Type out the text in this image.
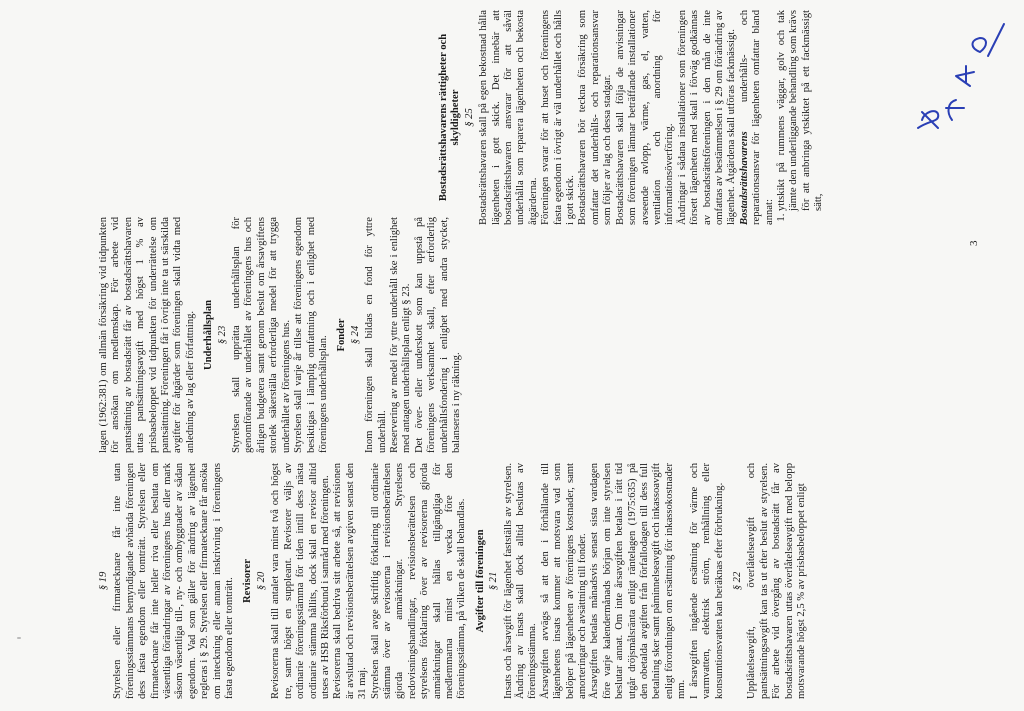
§ 19 Styrelsen eller firmatecknare får inte utan föreningsstämmans bemyndigande avhända föreningen dess fasta egendom eller tomträtt. Styrelsen eller firmatecknare får inte heller riva eller besluta om väsentliga förändringar av föreningens hus eller mark såsom väsentliga till-, ny- och ombyggnader av sådan egendom. Vad som gäller för ändring av lägenhet regleras i § 29. Styrelsen eller firmatecknare får ansöka om inteckning eller annan inskrivning i föreningens fasta egendom eller tomträtt. Revisorer § 20 Revisorerna skall till antalet vara minst två och högst tre, samt högst en suppleant. Revisorer väljs av ordinarie föreningsstämma för tiden intill dess nästa ordinarie stämma hållits, dock skall en revisor alltid utses av HSB Riksförbund i samråd med föreningen. Revisorerna skall bedriva sitt arbete så, att revisionen är avslutad och revisionsberättelsen avgiven senast den 31 maj. Styrelsen skall avge skriftlig förklaring till ordinarie stämma över av revisorerna i revisionsberättelsen gjorda anmärkningar. Styrelsens redovisningshandlingar, revisionsberättelsen och styrelsens förklaring över av revisorerna gjorda anmärkningar skall hållas tillgängliga för medlemmarna minst en vecka före den föreningsstämma, på vilken de skall behandlas. Avgifter till föreningen § 21 Insats och årsavgift för lägenhet fastställs av styrelsen. Ändring av insats skall dock alltid beslutas av föreningsstämma. Årsavgiften avvägs så att den i förhållande till lägenhetens insats kommer att motsvara vad som belöper på lägenheten av föreningens kostnader, samt amorteringar och avsättning till fonder. Årsavgiften betalas månadsvis senast sista vardagen före varje kalendermånads början om inte styrelsen beslutar annat. Om inte årsavgiften betalas i rätt tid utgår dröjsmålsränta enligt räntelagen (1975:635) på den obetalda avgiften från förfallodagen till dess full betalning sker samt påminnelseavgift och inkassoavgift enligt förordningen om ersättning för inkassokostnader mm. I årsavgiften ingående ersättning för värme och varmvatten, elektrisk ström, renhållning eller konsumtionsvatten kan beräknas efter förbrukning. § 22 Upplåtelseavgift, överlåtelseavgift och pantsättningsavgift kan tas ut efter beslut av styrelsen. För arbete vid övergång av bostadsrätt får av bostadsrättshavaren uttas överlåtelseavgift med belopp motsvarande högst 2,5 % av prisbasbeloppet enligt

lagen (1962:381) om allmän försäkring vid tidpunkten för ansökan om medlemskap. För arbete vid pantsättning av bostadsrätt får av bostadsrättshavaren uttas pantsättningsavgift med högst 1 % av prisbasbeloppet vid tidpunkten för underrättelse om pantsättning. Föreningen får i övrigt inte ta ut särskilda avgifter för åtgärder som föreningen skall vidta med anledning av lag eller författning. Underhållsplan § 23 Styrelsen skall upprätta underhållsplan för genomförande av underhållet av föreningens hus och årligen budgetera samt genom beslut om årsavgiftens storlek säkerställa erforderliga medel för att trygga underhållet av föreningens hus. Styrelsen skall varje år tillse att föreningens egendom besiktigas i lämplig omfattning och i enlighet med föreningens underhållsplan.

Fonder § 24 Inom föreningen skall bildas en fond för yttre underhåll. Reservering av medel för yttre underhåll ske i enlighet med antagen underhållsplan enligt § 23. Det över- eller underskott som kan uppstå på föreningens verksamhet skall, efter erforderlig underhållsfondering i enlighet med andra stycket, balanseras i ny räkning.

Bostadsrättshavarens rättigheter och skyldigheter § 25 Bostadsrättshavaren skall på egen bekostnad hålla lägenheten i gott skick. Det innebär att bostadsrättshavaren ansvarar för att såväl underhålla som reparera lägenheten och bekosta åtgärderna. Föreningen svarar för att huset och föreningens fasta egendom i övrigt är väl underhållet och hålls i gott skick. Bostadsrättshavaren bör teckna försäkring som omfattar det underhålls- och reparationsansvar som följer av lag och dessa stadgar. Bostadsrättshavaren skall följa de anvisningar som föreningen lämnar beträffande installationer avseende avlopp, värme, gas, el, vatten, ventilation och anordning för informationsöverföring. Ändringar i sådana installationer som föreningen försett lägenheten med skall i förväg godkännas av bostadsrättsföreningen i den mån de inte omfattas av bestämmelsen i § 29 om förändring av lägenhet. Åtgärdena skall utföras fackmässigt. Bostadsrättshavarens underhålls- och reparationsansvar för lägenheten omfattar bland annat:

1. yttskikt på rummens väggar, golv och tak jämte den underliggande behandling som krävs för att anbringa ytskiktet på ett fackmässigt sätt,
3
